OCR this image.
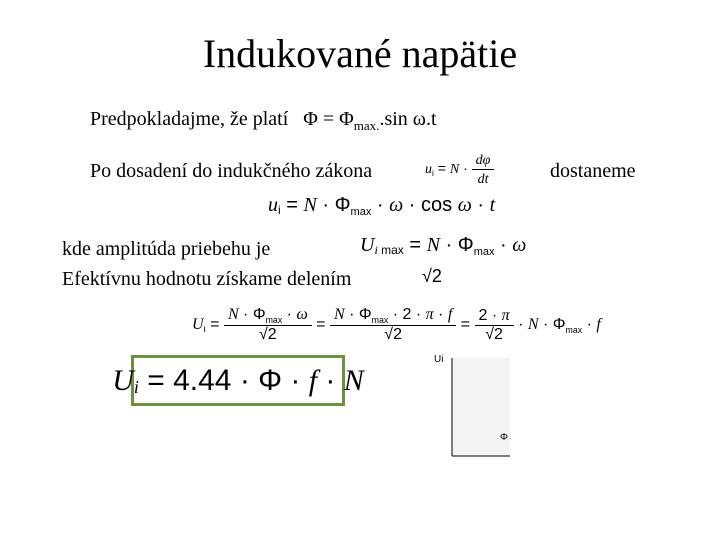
Indukované napätie
Predpokladajme, že platí $\Phi = \Phi_{max.}.\sin$ ω.t
Po dosadení do indukčného zákona	$u_i = N \cdot \frac{d\varphi}{dt}$	dostaneme
ui = $N \cdot \Phi_{max} \cdot \omega \cdot \cos \omega \cdot t$
kde amplitúda priebehu je	Ui $\max = N \cdot \Phi_{max} \cdot \omega$
Efektívnu hodnotu získame delením	√2
$Ui = \frac{N \cdot \Phi_{max} \cdot \omega}{√2} = \frac{N \cdot \Phi_{max} \cdot 2 \cdot \pi \cdot f}{√2} = \frac{2 \cdot \pi}{√2} \cdot N \cdot \Phi_{max} \cdot f$
Ui = 4.44 · Φ · f · N
Ui
Φ
